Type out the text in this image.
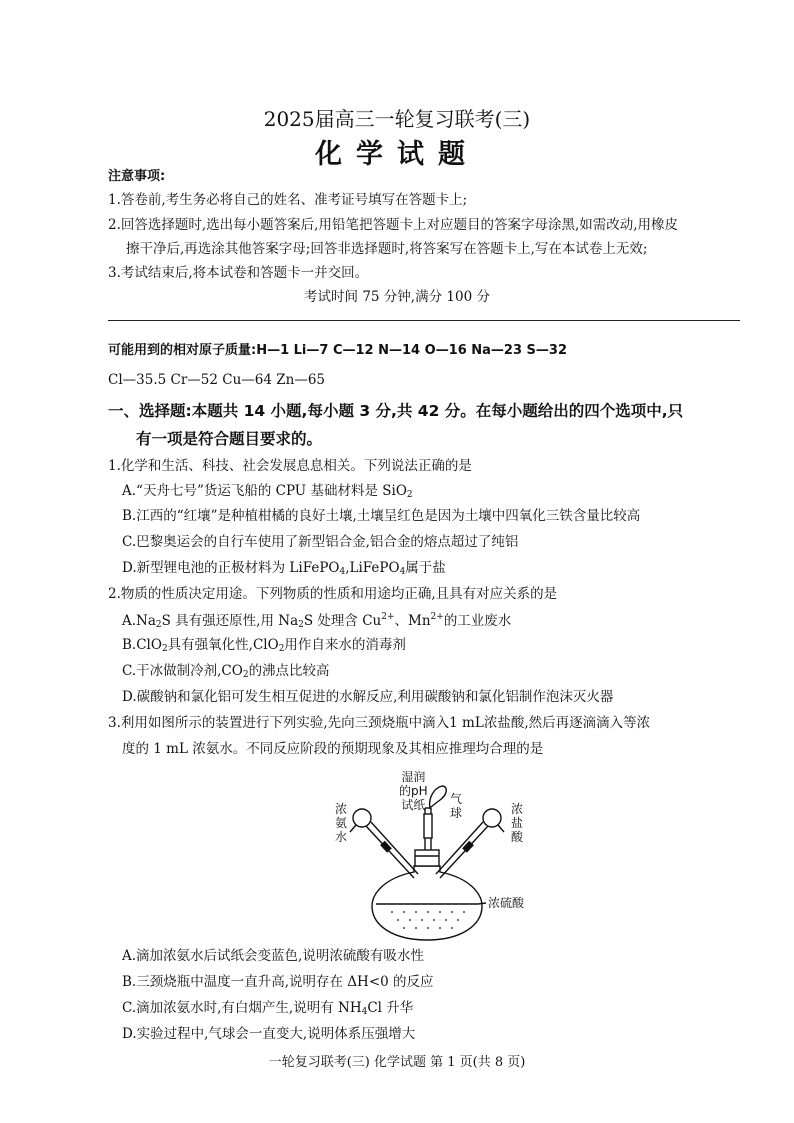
2025届高三一轮复习联考(三)
化学试题
注意事项:
1.答卷前,考生务必将自己的姓名、准考证号填写在答题卡上;
2.回答选择题时,选出每小题答案后,用铅笔把答题卡上对应题目的答案字母涂黑,如需改动,用橡皮
擦干净后,再选涂其他答案字母;回答非选择题时,将答案写在答题卡上,写在本试卷上无效;
3.考试结束后,将本试卷和答题卡一并交回。
考试时间 75 分钟,满分 100 分
可能用到的相对原子质量:H—1 Li—7 C—12 N—14 O—16 Na—23 S—32
Cl—35.5 Cr—52 Cu—64 Zn—65
一、选择题:本题共 14 小题,每小题 3 分,共 42 分。在每小题给出的四个选项中,只
有一项是符合题目要求的。
1.化学和生活、科技、社会发展息息相关。下列说法正确的是
A.“天舟七号”货运飞船的 CPU 基础材料是 SiO$_2$
B.江西的“红壤”是种植柑橘的良好土壤,土壤呈红色是因为土壤中四氧化三铁含量比较高
C.巴黎奥运会的自行车使用了新型铝合金,铝合金的熔点超过了纯铝
D.新型锂电池的正极材料为 LiFePO$_4$,LiFePO$_4$属于盐
2.物质的性质决定用途。下列物质的性质和用途均正确,且具有对应关系的是
$A.Na_2S$ 具有强还原性,用 $Na_2S$ 处理含 $Cu^{2+}$、$Mn^{2+}$的工业废水
B.ClO$_2$具有强氧化性,ClO$_2$用作自来水的消毒剂
C.干冰做制冷剂$,CO_2$的沸点比较高
D.碳酸钠和氯化铝可发生相互促进的水解反应,利用碳酸钠和氯化铝制作泡沫灭火器
3.利用如图所示的装置进行下列实验,先向三颈烧瓶中滴入1 mL浓盐酸,然后再逐滴滴入等浓
度的 1 mL 浓氨水。不同反应阶段的预期现象及其相应推理均合理的是
湿润
的pH
试纸 气
球
浓
氨
水
浓
盐
酸
浓硫酸
A.滴加浓氨水后试纸会变蓝色,说明浓硫酸有吸水性
B.三颈烧瓶中温度一直升高,说明存在 ΔH<0 的反应
C.滴加浓氨水时,有白烟产生,说明有 $NH_4Cl$ 升华
D.实验过程中,气球会一直变大,说明体系压强增大
一轮复习联考(三) 化学试题 第 1 页(共 8 页)
